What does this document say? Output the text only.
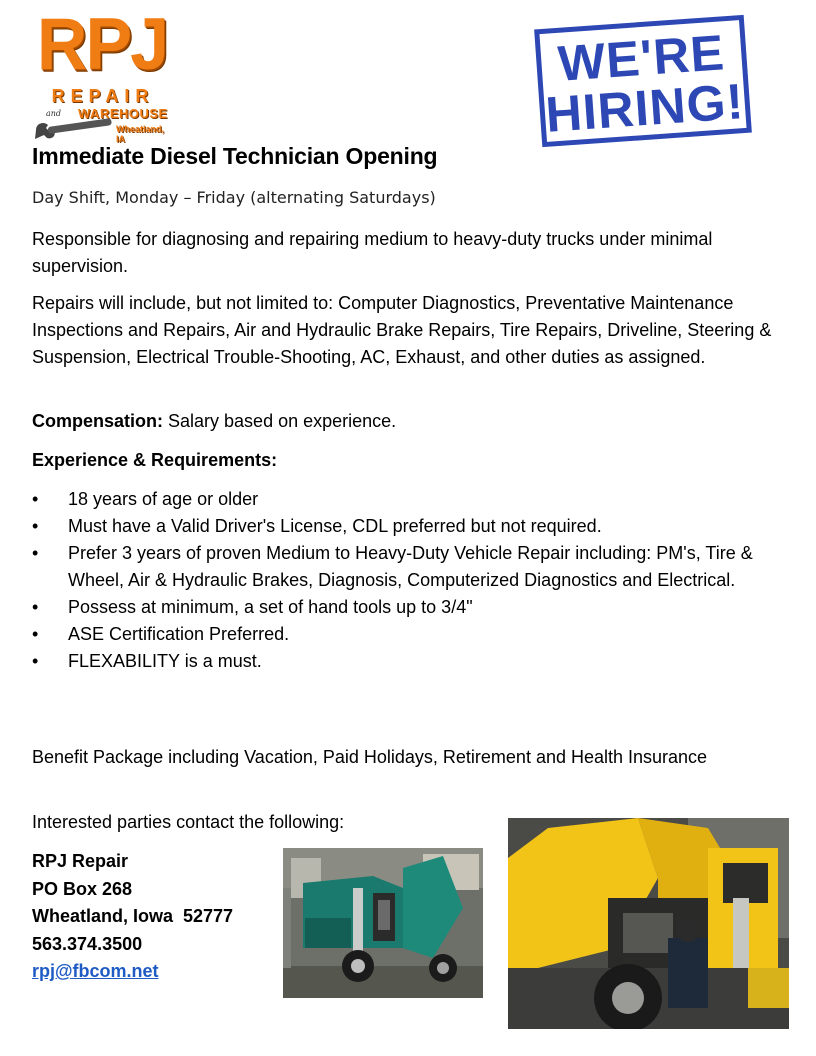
RPJ
REPAIR
and WAREHOUSE
Wheatland, IA
WE'RE
HIRING!
Immediate Diesel Technician Opening
Day Shift, Monday – Friday (alternating Saturdays)
Responsible for diagnosing and repairing medium to heavy-duty trucks under minimal supervision.
Repairs will include, but not limited to: Computer Diagnostics, Preventative Maintenance Inspections and Repairs, Air and Hydraulic Brake Repairs, Tire Repairs, Driveline, Steering & Suspension, Electrical Trouble-Shooting, AC, Exhaust, and other duties as assigned.
Compensation: Salary based on experience.
Experience & Requirements:
• 18 years of age or older
• Must have a Valid Driver's License, CDL preferred but not required.
• Prefer 3 years of proven Medium to Heavy-Duty Vehicle Repair including: PM's, Tire & Wheel, Air & Hydraulic Brakes, Diagnosis, Computerized Diagnostics and Electrical.
• Possess at minimum, a set of hand tools up to 3/4"
• ASE Certification Preferred.
• FLEXABILITY is a must.
Benefit Package including Vacation, Paid Holidays, Retirement and Health Insurance
Interested parties contact the following:
RPJ Repair
PO Box 268
Wheatland, Iowa  52777
563.374.3500
rpj@fbcom.net
